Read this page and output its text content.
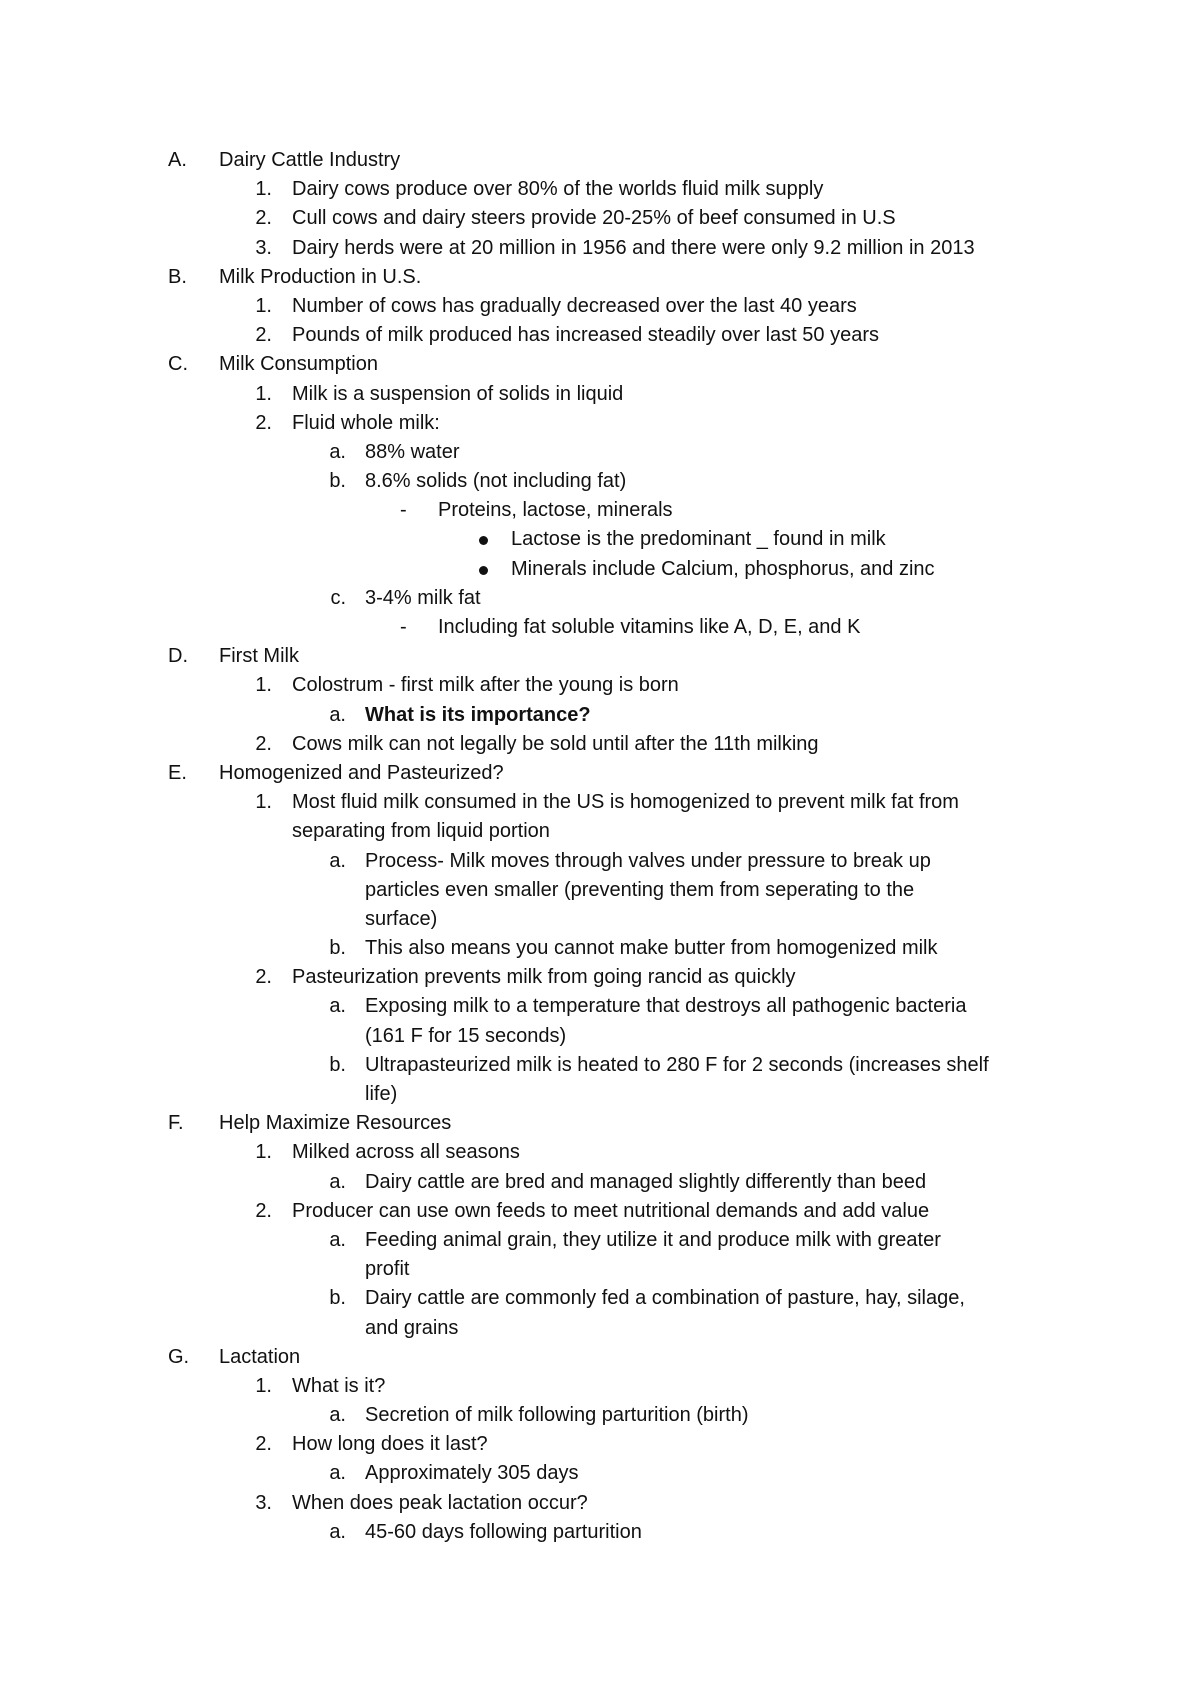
A.	Dairy Cattle Industry
1. Dairy cows produce over 80% of the worlds fluid milk supply
2. Cull cows and dairy steers provide 20-25% of beef consumed in U.S
3. Dairy herds were at 20 million in 1956 and there were only 9.2 million in 2013
B.	Milk Production in U.S.
1. Number of cows has gradually decreased over the last 40 years
2. Pounds of milk produced has increased steadily over last 50 years
C.	Milk Consumption
1. Milk is a suspension of solids in liquid
2. Fluid whole milk:
a. 88% water
b. 8.6% solids (not including fat)
-	Proteins, lactose, minerals
Lactose is the predominant _ found in milk
Minerals include Calcium, phosphorus, and zinc
c. 3-4% milk fat
-	Including fat soluble vitamins like A, D, E, and K
D.	First Milk
1. Colostrum - first milk after the young is born
a. What is its importance?
2. Cows milk can not legally be sold until after the 11th milking
E.	Homogenized and Pasteurized?
1. Most fluid milk consumed in the US is homogenized to prevent milk fat from
separating from liquid portion
a. Process- Milk moves through valves under pressure to break up
particles even smaller (preventing them from seperating to the
surface)
b. This also means you cannot make butter from homogenized milk
2. Pasteurization prevents milk from going rancid as quickly
a. Exposing milk to a temperature that destroys all pathogenic bacteria
(161 F for 15 seconds)
b. Ultrapasteurized milk is heated to 280 F for 2 seconds (increases shelf
life)
F.	Help Maximize Resources
1. Milked across all seasons
a. Dairy cattle are bred and managed slightly differently than beed
2. Producer can use own feeds to meet nutritional demands and add value
a. Feeding animal grain, they utilize it and produce milk with greater
profit
b. Dairy cattle are commonly fed a combination of pasture, hay, silage,
and grains
G.	Lactation
1. What is it?
a. Secretion of milk following parturition (birth)
2. How long does it last?
a. Approximately 305 days
3. When does peak lactation occur?
a. 45-60 days following parturition
